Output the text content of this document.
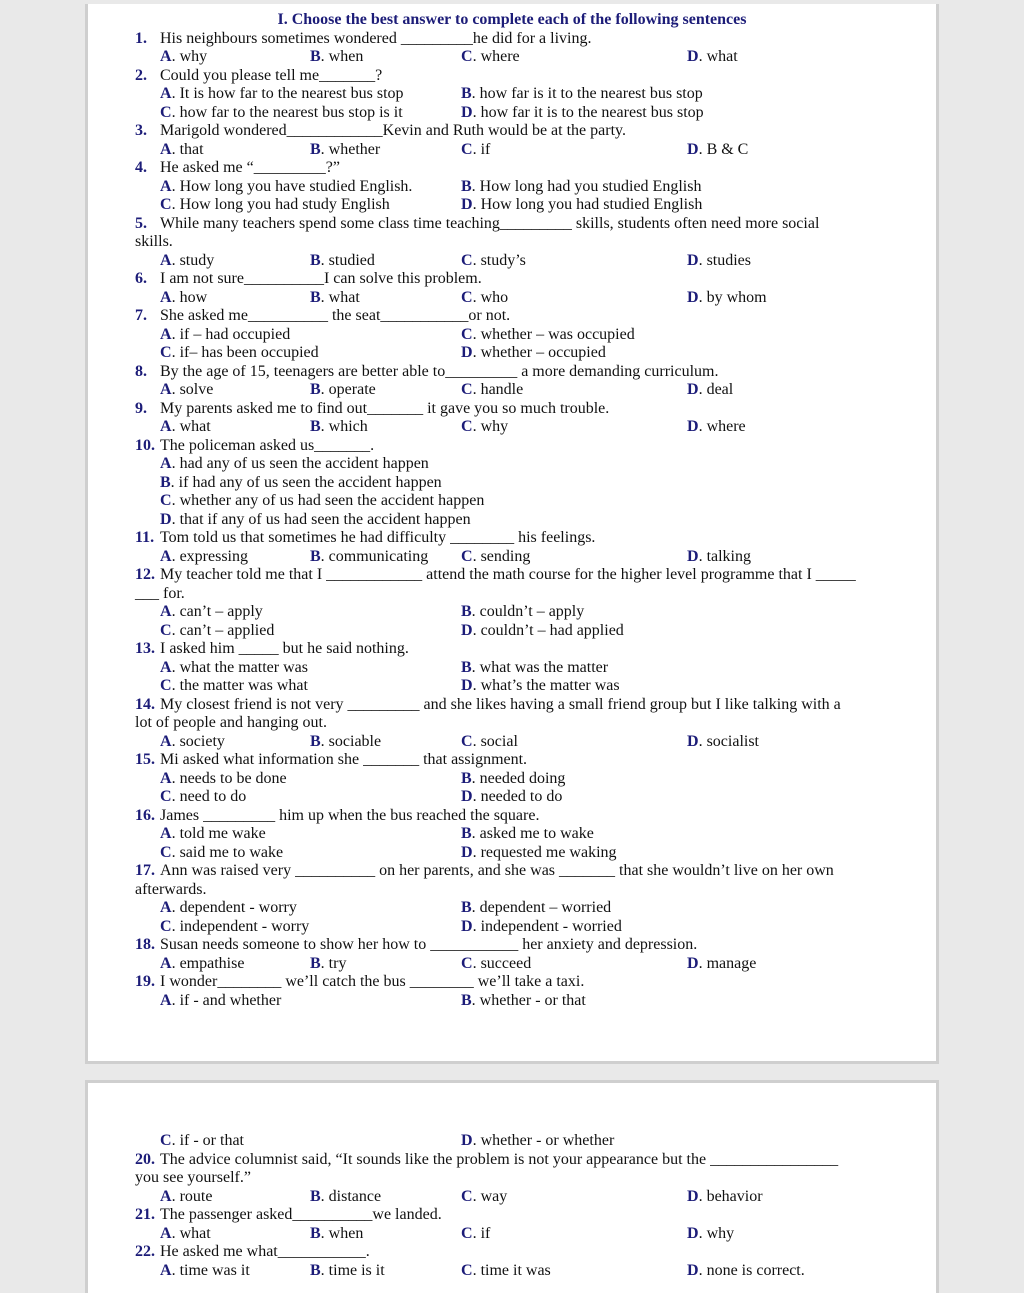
I. Choose the best answer to complete each of the following sentences
1. His neighbours sometimes wondered _________he did for a living.
A. why	B. when	C. where	D. what
2. Could you please tell me_______?
A. It is how far to the nearest bus stop	B. how far is it to the nearest bus stop
C. how far to the nearest bus stop is it	D. how far it is to the nearest bus stop
3. Marigold wondered____________Kevin and Ruth would be at the party.
A. that	B. whether	C. if	D. B & C
4. He asked me “_________?”
A. How long you have studied English.	B. How long had you studied English
C. How long you had study English	D. How long you had studied English
5. While many teachers spend some class time teaching_________ skills, students often need more social
skills.
A. study	B. studied	C. study’s	D. studies
6. I am not sure__________I can solve this problem.
A. how	B. what	C. who	D. by whom
7. She asked me__________ the seat___________or not.
A. if – had occupied	C. whether – was occupied
C. if– has been occupied	D. whether – occupied
8. By the age of 15, teenagers are better able to_________ a more demanding curriculum.
A. solve	B. operate	C. handle	D. deal
9. My parents asked me to find out_______ it gave you so much trouble.
A. what	B. which	C. why	D. where
10. The policeman asked us_______.
A. had any of us seen the accident happen
B. if had any of us seen the accident happen
C. whether any of us had seen the accident happen
D. that if any of us had seen the accident happen
11. Tom told us that sometimes he had difficulty ________ his feelings.
A. expressing	B. communicating C. sending	D. talking
12. My teacher told me that I ____________ attend the math course for the higher level programme that I _____
___ for.
A. can’t – apply	B. couldn’t – apply
C. can’t – applied	D. couldn’t – had applied
13. I asked him _____ but he said nothing.
A. what the matter was	B. what was the matter
C. the matter was what	D. what’s the matter was
14. My closest friend is not very _________ and she likes having a small friend group but I like talking with a
lot of people and hanging out.
A. society	B. sociable	C. social	D. socialist
15. Mi asked what information she _______ that assignment.
A. needs to be done	B. needed doing
C. need to do	D. needed to do
16. James _________ him up when the bus reached the square.
A. told me wake	B. asked me to wake
C. said me to wake	D. requested me waking
17. Ann was raised very __________ on her parents, and she was _______ that she wouldn’t live on her own
afterwards.
A. dependent - worry	B. dependent – worried
C. independent - worry	D. independent - worried
18. Susan needs someone to show her how to ___________ her anxiety and depression.
A. empathise	B. try	C. succeed	D. manage
19. I wonder________ we’ll catch the bus ________ we’ll take a taxi.
A. if - and whether	B. whether - or that
C. if - or that	D. whether - or whether
20. The advice columnist said, “It sounds like the problem is not your appearance but the ________________
you see yourself.”
A. route	B. distance	C. way	D. behavior
21. The passenger asked__________we landed.
A. what	B. when	C. if	D. why
22. He asked me what___________.
A. time was it	B. time is it	C. time it was	D. none is correct.
